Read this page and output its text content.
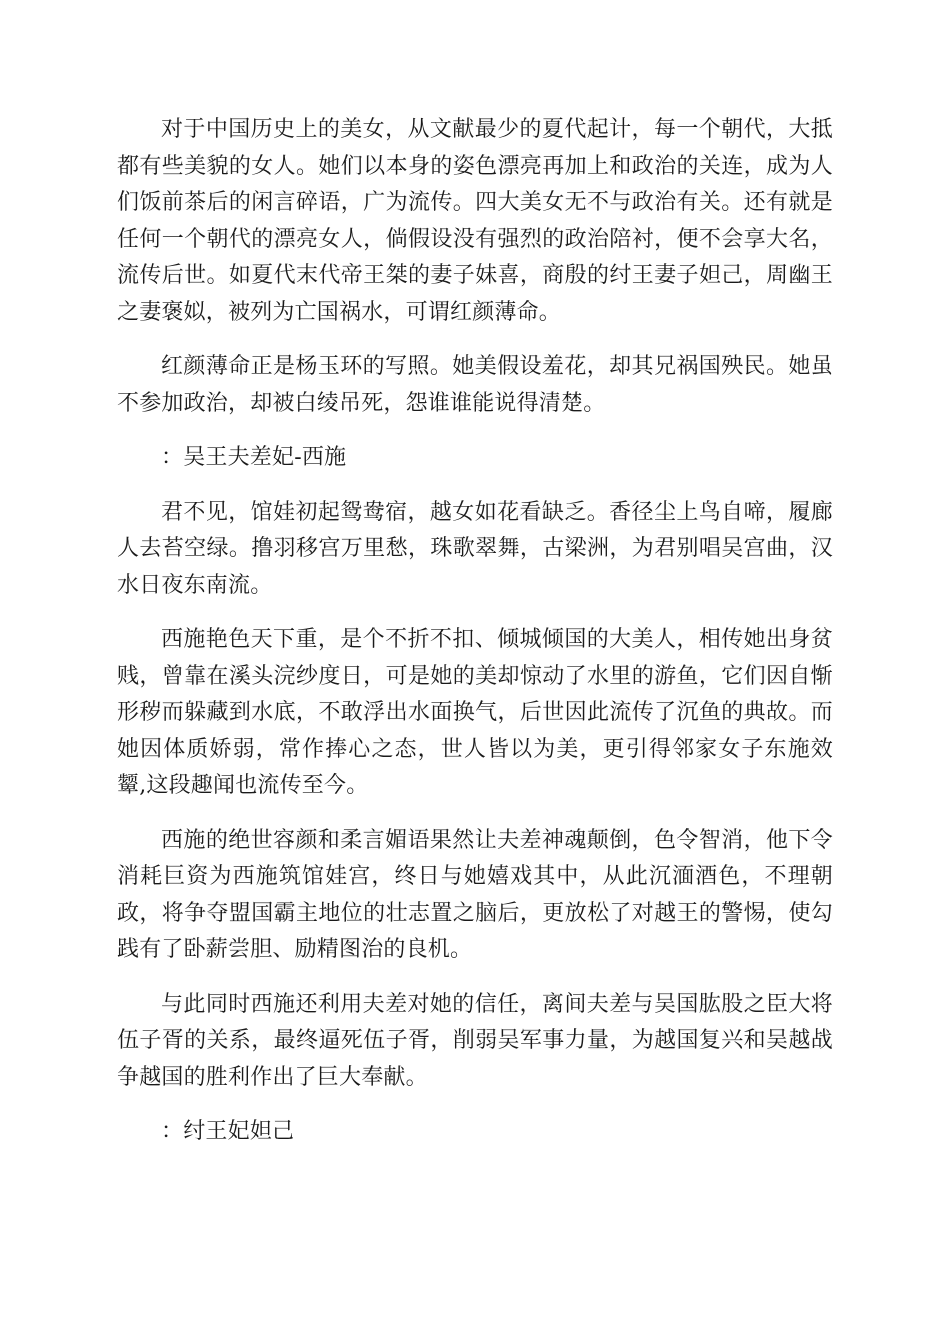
对于中国历史上的美女，从文献最少的夏代起计，每一个朝代，大抵都有些美貌的女人。她们以本身的姿色漂亮再加上和政治的关连，成为人们饭前茶后的闲言碎语，广为流传。四大美女无不与政治有关。还有就是任何一个朝代的漂亮女人，倘假设没有强烈的政治陪衬，便不会享大名，流传后世。如夏代末代帝王桀的妻子妹喜，商殷的纣王妻子妲己，周幽王之妻褒姒，被列为亡国祸水，可谓红颜薄命。

红颜薄命正是杨玉环的写照。她美假设羞花，却其兄祸国殃民。她虽不参加政治，却被白绫吊死，怨谁谁能说得清楚。

：吴王夫差妃-西施

君不见，馆娃初起鸳鸯宿，越女如花看缺乏。香径尘上鸟自啼，履廊人去苔空绿。撸羽移宫万里愁，珠歌翠舞，古梁洲，为君别唱吴宫曲，汉水日夜东南流。

西施艳色天下重，是个不折不扣、倾城倾国的大美人，相传她出身贫贱，曾靠在溪头浣纱度日，可是她的美却惊动了水里的游鱼，它们因自惭形秽而躲藏到水底，不敢浮出水面换气，后世因此流传了沉鱼的典故。而她因体质娇弱，常作捧心之态，世人皆以为美，更引得邻家女子东施效颦,这段趣闻也流传至今。

西施的绝世容颜和柔言媚语果然让夫差神魂颠倒，色令智消，他下令消耗巨资为西施筑馆娃宫，终日与她嬉戏其中，从此沉湎酒色，不理朝政，将争夺盟国霸主地位的壮志置之脑后，更放松了对越王的警惕，使勾践有了卧薪尝胆、励精图治的良机。

与此同时西施还利用夫差对她的信任，离间夫差与吴国肱股之臣大将伍子胥的关系，最终逼死伍子胥，削弱吴军事力量，为越国复兴和吴越战争越国的胜利作出了巨大奉献。

：纣王妃妲己
